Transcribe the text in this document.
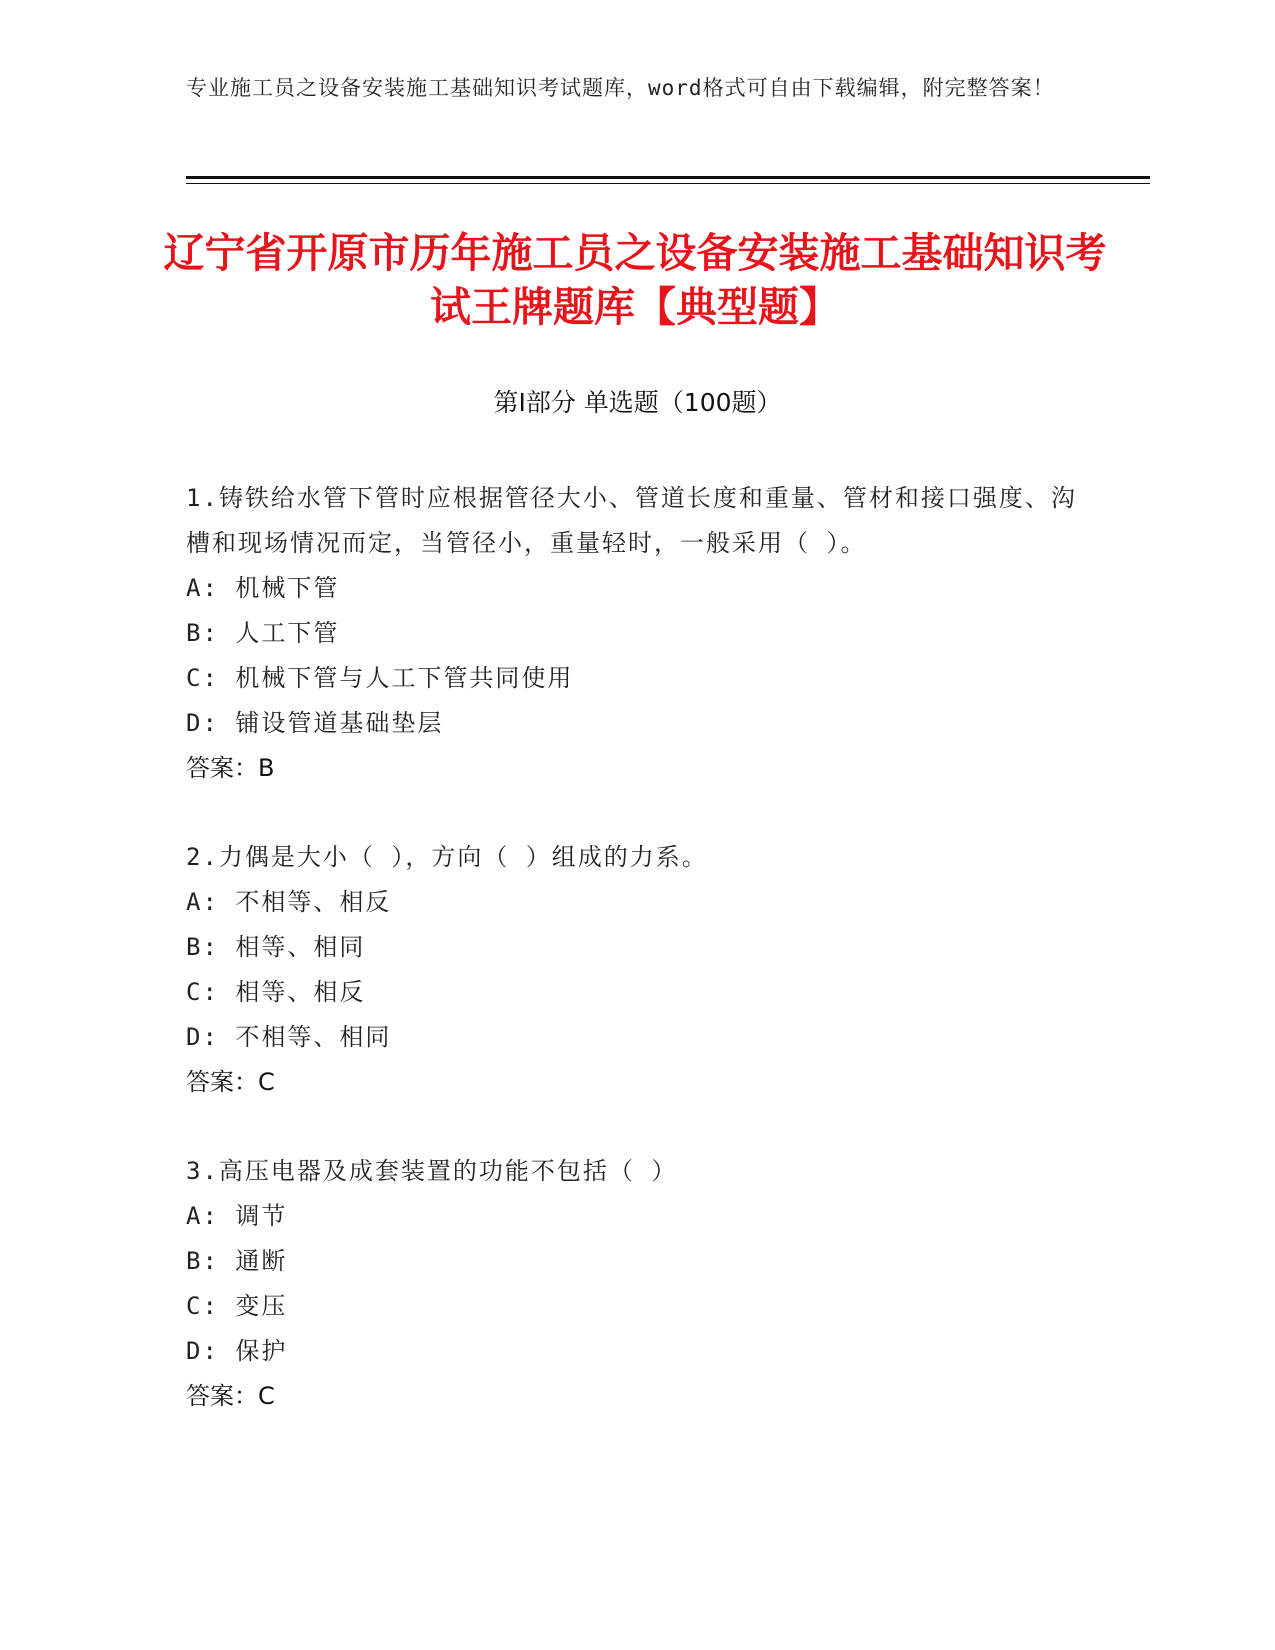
专业施工员之设备安装施工基础知识考试题库，word格式可自由下载编辑，附完整答案！
辽宁省开原市历年施工员之设备安装施工基础知识考试王牌题库【典型题】
第I部分 单选题（100题）
1.铸铁给水管下管时应根据管径大小、管道长度和重量、管材和接口强度、沟槽和现场情况而定，当管径小，重量轻时，一般采用（ ）。
A: 机械下管
B: 人工下管
C: 机械下管与人工下管共同使用
D: 铺设管道基础垫层
答案：B
2.力偶是大小（ ），方向（ ）组成的力系。
A: 不相等、相反
B: 相等、相同
C: 相等、相反
D: 不相等、相同
答案：C
3.高压电器及成套装置的功能不包括（ ）
A: 调节
B: 通断
C: 变压
D: 保护
答案：C
